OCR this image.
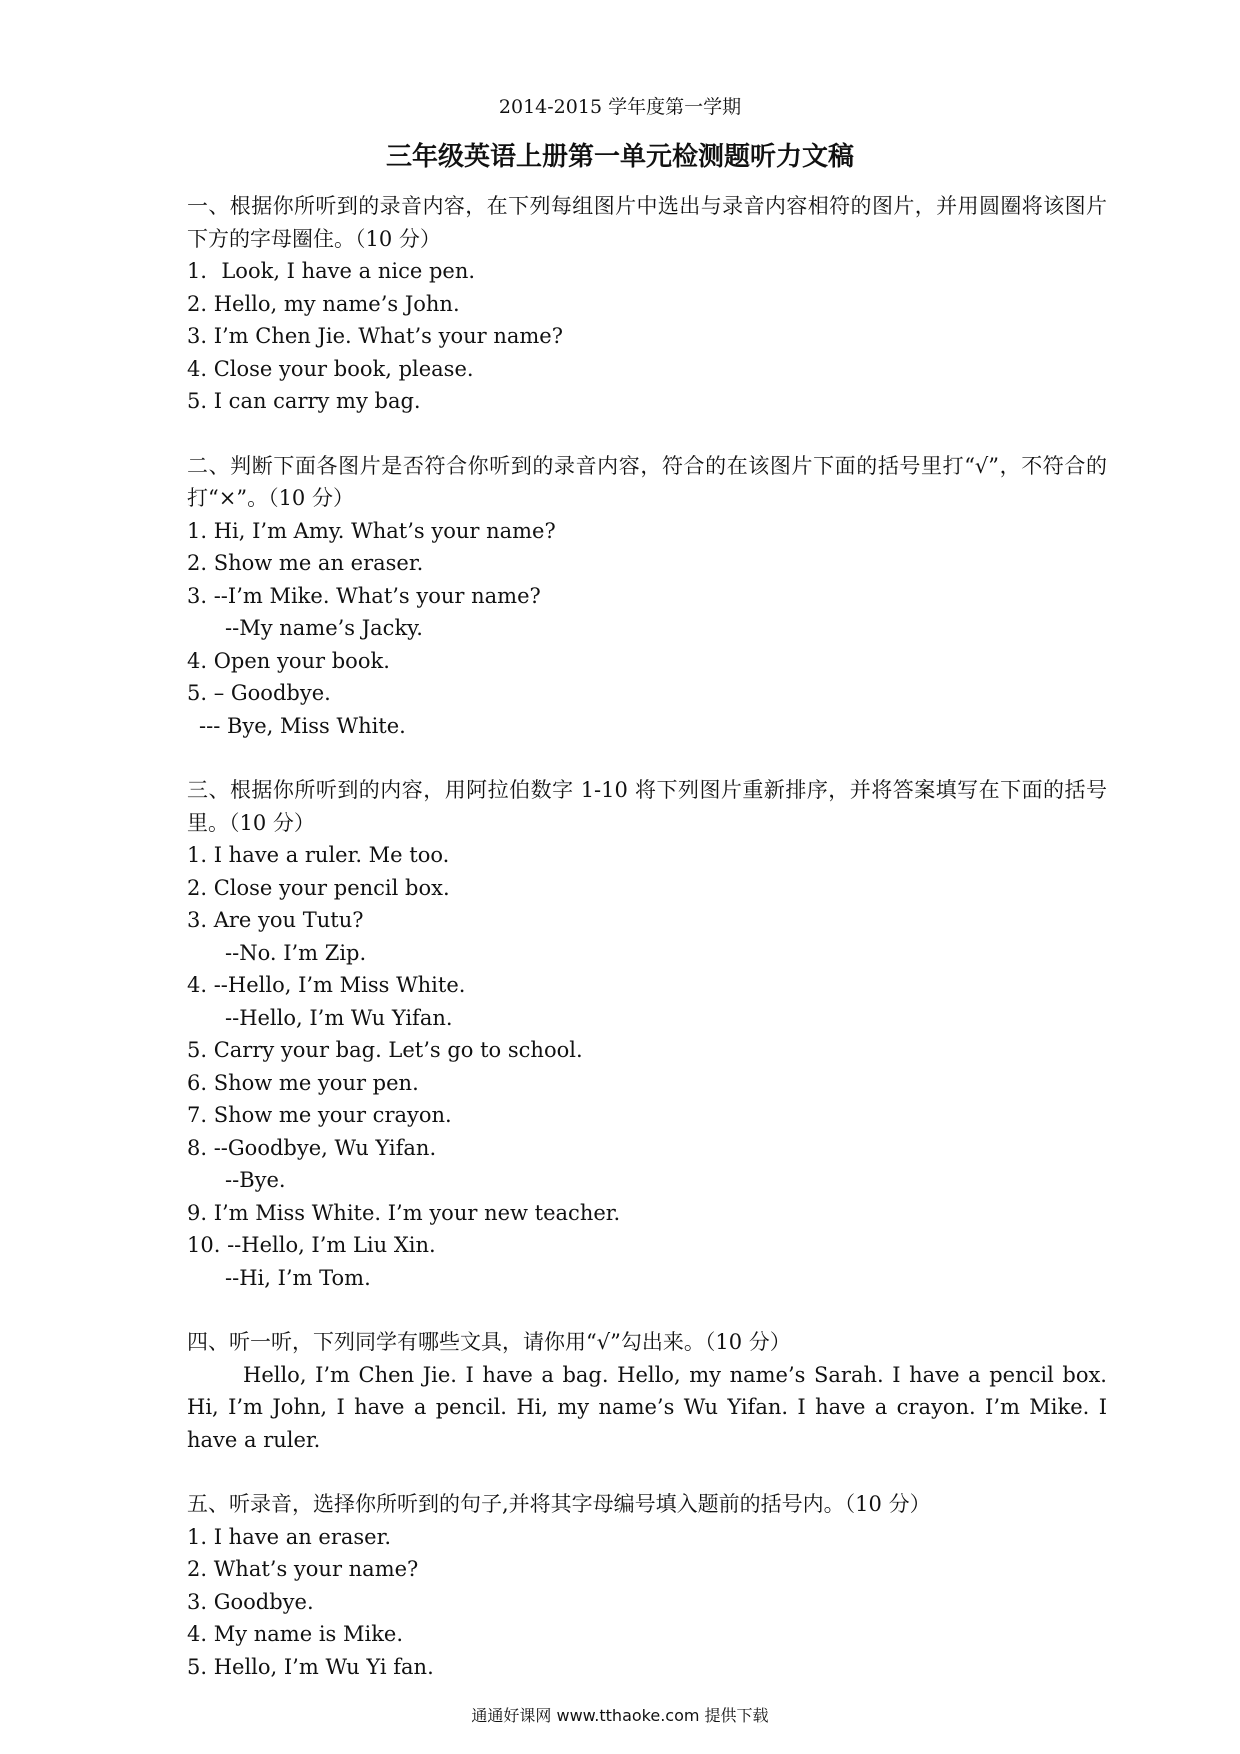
2014-2015 学年度第一学期
三年级英语上册第一单元检测题听力文稿

一、根据你所听到的录音内容，在下列每组图片中选出与录音内容相符的图片，并用圆圈将该图片下方的字母圈住。（10 分）

1．Look, I have a nice pen.

2. Hello, my name’s John.

3. I’m Chen Jie. What’s your name?

4. Close your book, please.

5. I can carry my bag.

二、判断下面各图片是否符合你听到的录音内容，符合的在该图片下面的括号里打“√”，不符合的打“×”。（10 分）

1. Hi, I’m Amy. What’s your name?

2. Show me an eraser.

3. --I’m Mike. What’s your name?

--My name’s Jacky.

4. Open your book.

5. – Goodbye.

--- Bye, Miss White.

三、根据你所听到的内容，用阿拉伯数字 1-10 将下列图片重新排序，并将答案填写在下面的括号里。（10 分）

1. I have a ruler. Me too.

2. Close your pencil box.

3. Are you Tutu?

--No. I’m Zip.

4. --Hello, I’m Miss White.

--Hello, I’m Wu Yifan.

5. Carry your bag. Let’s go to school.

6. Show me your pen.

7. Show me your crayon.

8. --Goodbye, Wu Yifan.

--Bye.

9. I’m Miss White. I’m your new teacher.

10. --Hello, I’m Liu Xin.

--Hi, I’m Tom.

四、听一听，下列同学有哪些文具，请你用“√”勾出来。（10 分）

Hello, I’m Chen Jie. I have a bag. Hello, my name’s Sarah. I have a pencil box. Hi, I’m John, I have a pencil. Hi, my name’s Wu Yifan. I have a crayon. I’m Mike. I have a ruler.

五、听录音，选择你所听到的句子,并将其字母编号填入题前的括号内。（10 分）

1. I have an eraser.

2. What’s your name?

3. Goodbye.

4. My name is Mike.

5. Hello, I’m Wu Yi fan.

通通好课网 www.tthaoke.com 提供下载
